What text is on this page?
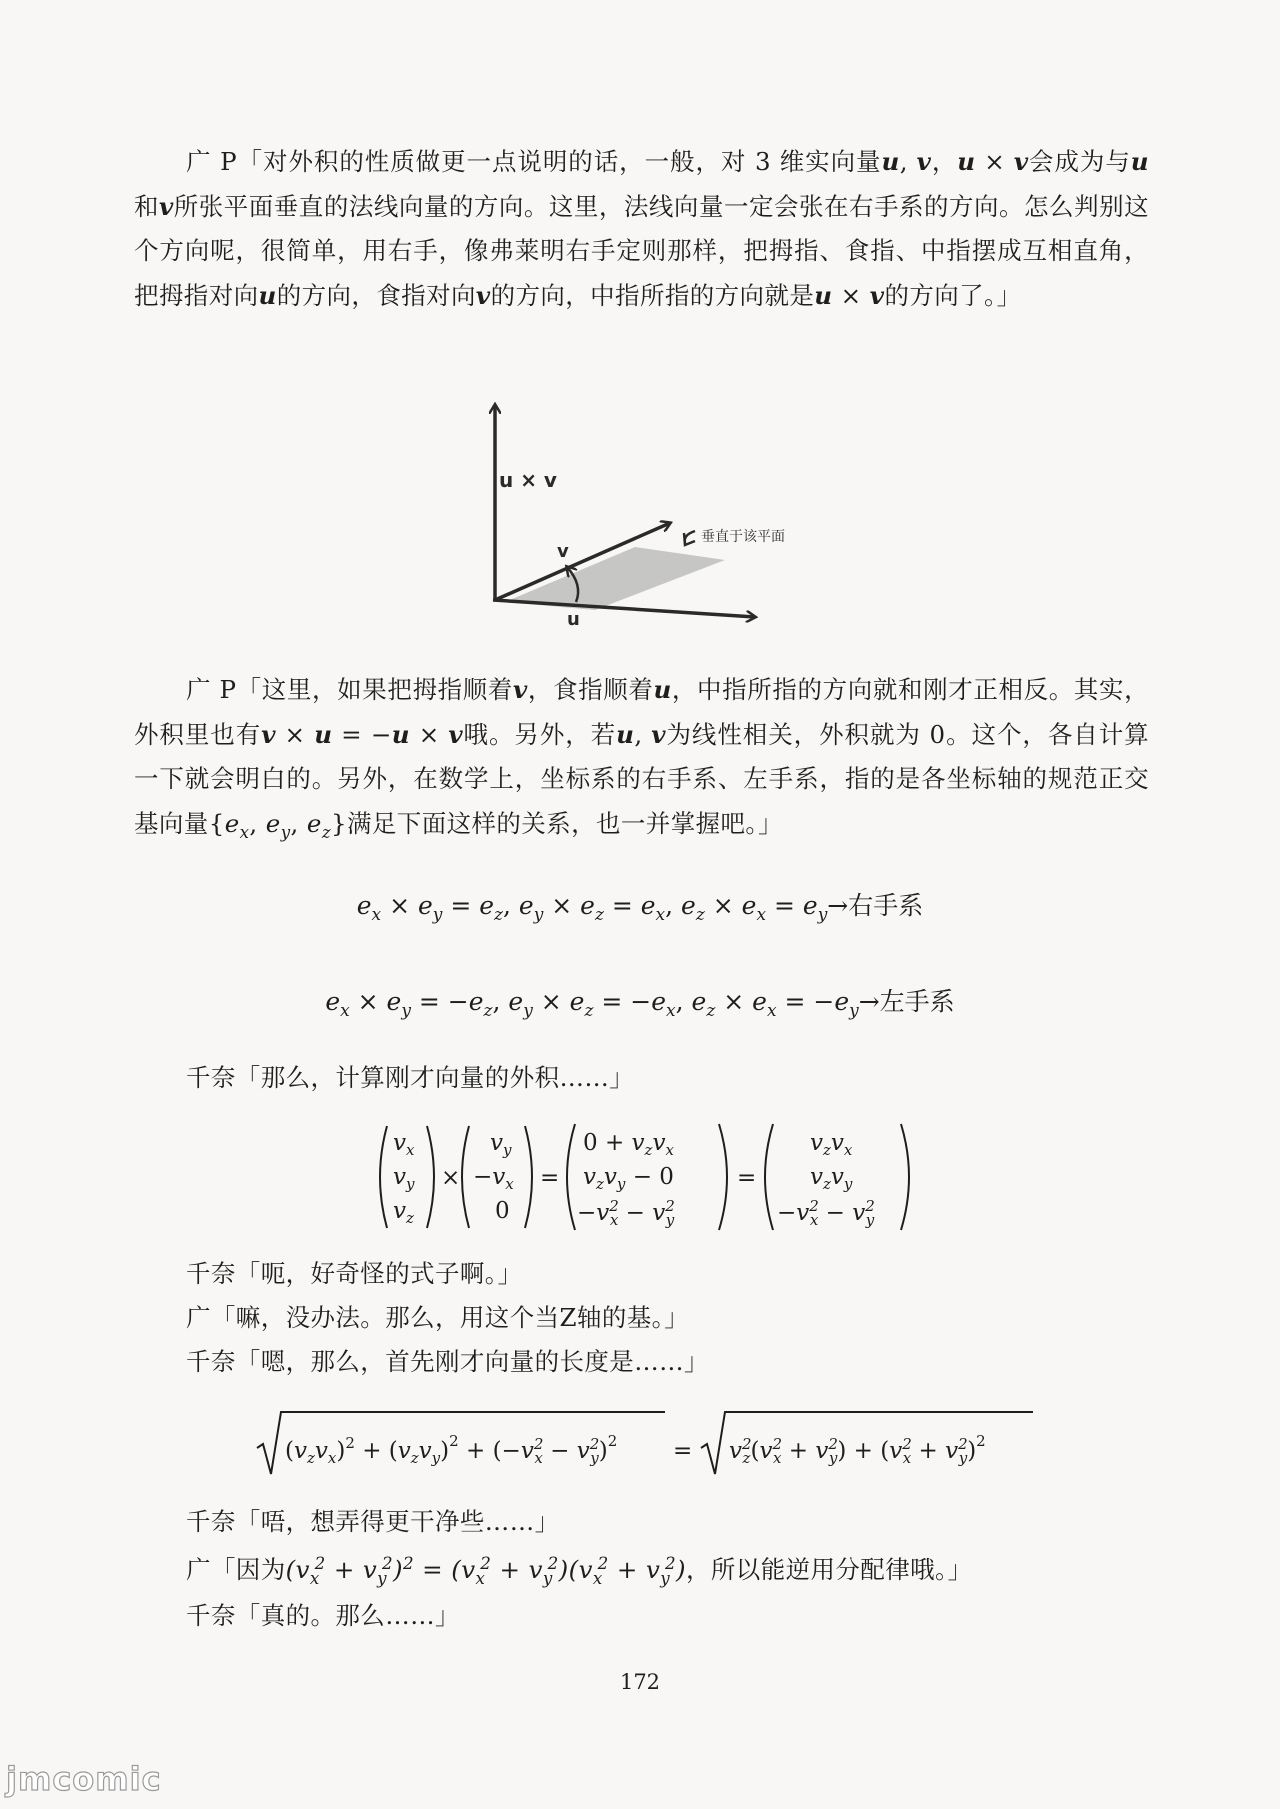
广 P「对外积的性质做更一点说明的话，一般，对 3 维实向量u, v，u × v会成为与u和v所张平面垂直的法线向量的方向。这里，法线向量一定会张在右手系的方向。怎么判别这个方向呢，很简单，用右手，像弗莱明右手定则那样，把拇指、食指、中指摆成互相直角，把拇指对向u的方向，食指对向v的方向，中指所指的方向就是u × v的方向了。」

u × v
v
u
垂直于该平面

广 P「这里，如果把拇指顺着v，食指顺着u，中指所指的方向就和刚才正相反。其实，外积里也有v × u = −u × v哦。另外，若u, v为线性相关，外积就为 0。这个，各自计算一下就会明白的。另外，在数学上，坐标系的右手系、左手系，指的是各坐标轴的规范正交基向量{$e_x$, $e_y$, $e_z$}满足下面这样的关系，也一并掌握吧。」

$e_x \times e_y = e_z$, $e_y \times e_z = e_x$, $e_z \times e_x = e_y\to$右手系
$e_x \times e_y = -e_z$, $e_y \times e_z = -e_x$, $e_z \times e_x = -e_y\to$左手系

千奈「那么，计算刚才向量的外积……」

$v_x$
$v_y$
$v_z$
×
$v_y$
$-v_x$
0
=
$0 + v_zv_x$
$v_zv_y - 0$
$-v^2$ $x - v^2$ y
=
$v_zv_x$
$v_zv_y$
$-v^2$ $x - v^2$ y

千奈「呃，好奇怪的式子啊。」

广「嘛，没办法。那么，用这个当Z轴的基。」

千奈「嗯，那么，首先刚才向量的长度是……」

$(v_zv_x)^2 + (v_zv_y)^2 + (-v^2$ $x - v^2$ $y)^2 = v^2$ $z(v^2$ $x + v^2$ $y) + (v^2$ $x + v^2$ y)$^2$

千奈「唔，想弄得更干净些……」

广「因为$(v_x^2 + v_y^2)^2 = (v_x^2 + v_y^2)(v_x^2 + v_y^2)$，所以能逆用分配律哦。」

千奈「真的。那么……」

172
jmcomic
